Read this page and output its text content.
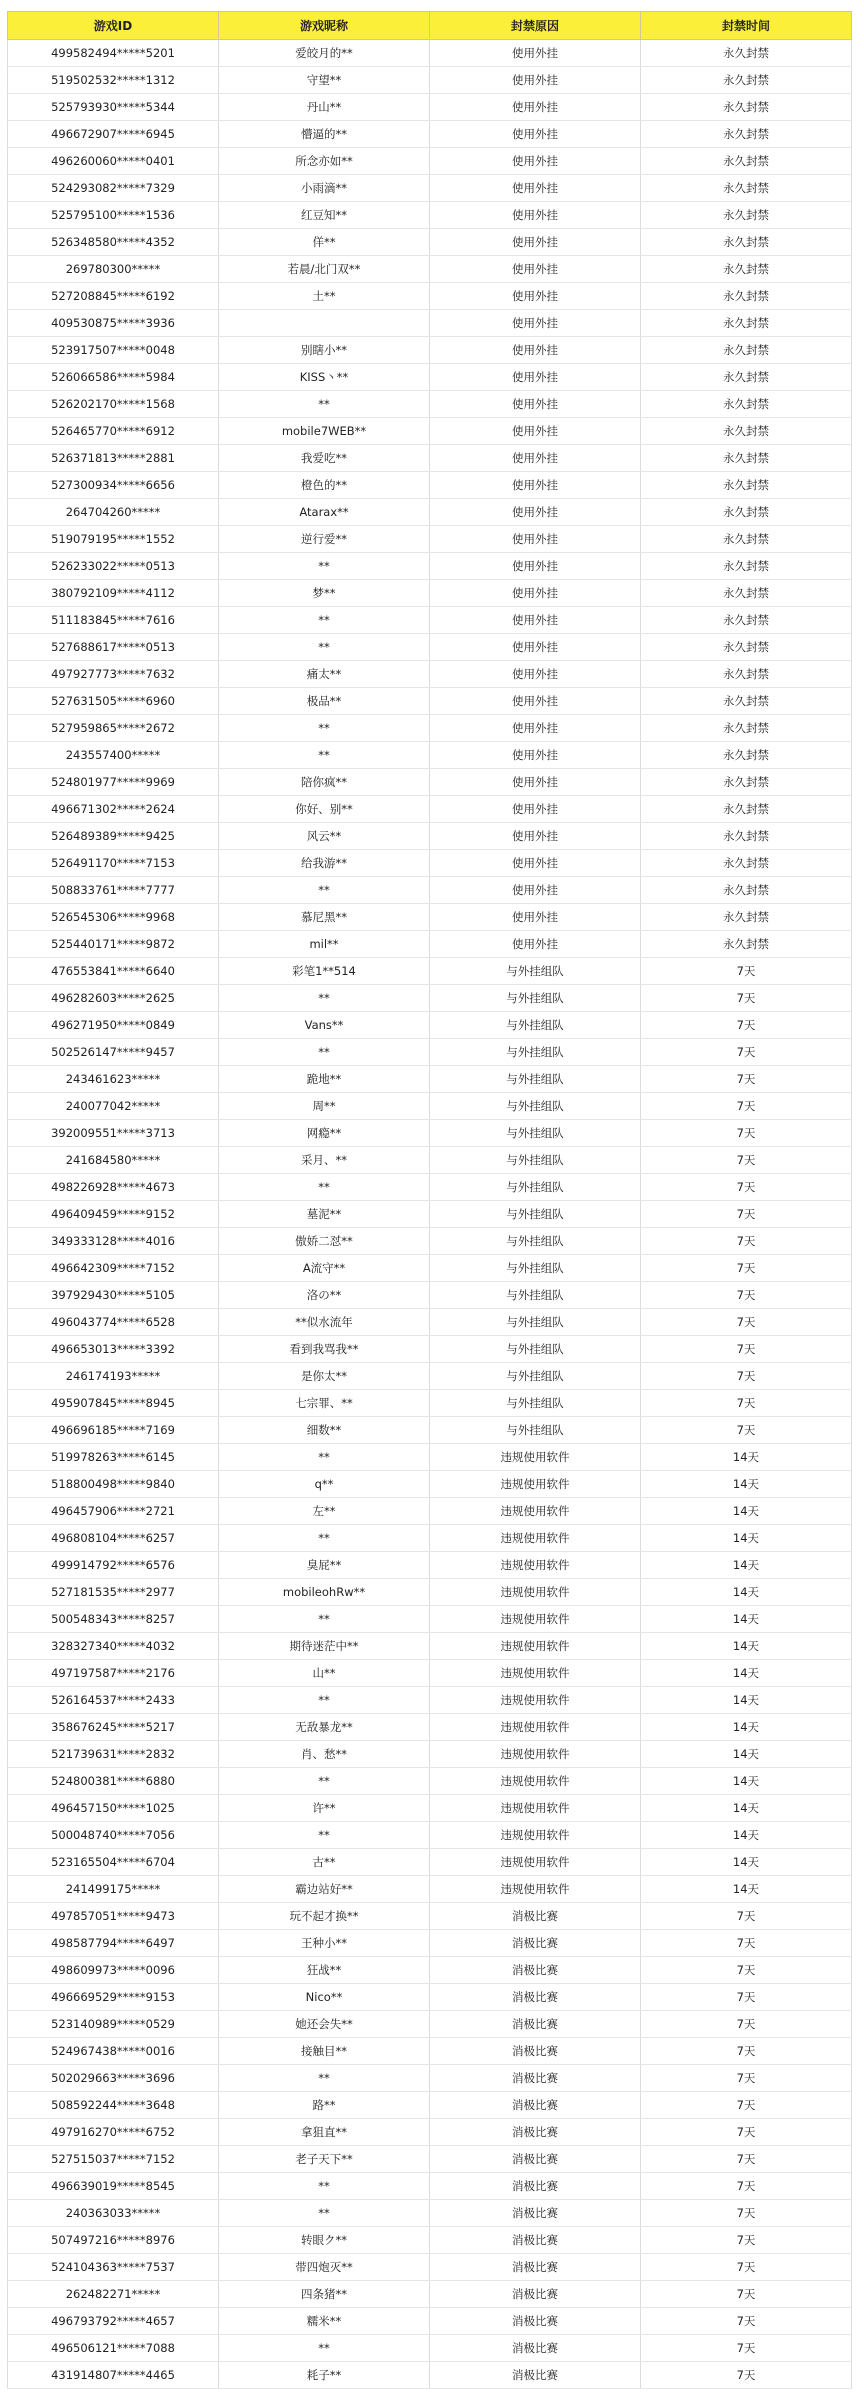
游戏ID	游戏昵称	封禁原因	封禁时间
499582494*****5201	爱皎月的**	使用外挂	永久封禁
519502532*****1312	守望**	使用外挂	永久封禁
525793930*****5344	丹山**	使用外挂	永久封禁
496672907*****6945	懵逼的**	使用外挂	永久封禁
496260060*****0401	所念亦如**	使用外挂	永久封禁
524293082*****7329	小雨滴**	使用外挂	永久封禁
525795100*****1536	红豆知**	使用外挂	永久封禁
526348580*****4352	佯**	使用外挂	永久封禁
269780300*****	若晨/北门双**	使用外挂	永久封禁
527208845*****6192	土**	使用外挂	永久封禁
409530875*****3936		使用外挂	永久封禁
523917507*****0048	别瞎小**	使用外挂	永久封禁
526066586*****5984	KISS丶**	使用外挂	永久封禁
526202170*****1568	**	使用外挂	永久封禁
526465770*****6912	mobile7WEB**	使用外挂	永久封禁
526371813*****2881	我爱吃**	使用外挂	永久封禁
527300934*****6656	橙色的**	使用外挂	永久封禁
264704260*****	Atarax**	使用外挂	永久封禁
519079195*****1552	逆行爱**	使用外挂	永久封禁
526233022*****0513	**	使用外挂	永久封禁
380792109*****4112	梦**	使用外挂	永久封禁
511183845*****7616	**	使用外挂	永久封禁
527688617*****0513	**	使用外挂	永久封禁
497927773*****7632	痛太**	使用外挂	永久封禁
527631505*****6960	极品**	使用外挂	永久封禁
527959865*****2672	**	使用外挂	永久封禁
243557400*****	**	使用外挂	永久封禁
524801977*****9969	陪你疯**	使用外挂	永久封禁
496671302*****2624	你好、别**	使用外挂	永久封禁
526489389*****9425	风云**	使用外挂	永久封禁
526491170*****7153	给我游**	使用外挂	永久封禁
508833761*****7777	**	使用外挂	永久封禁
526545306*****9968	慕尼黑**	使用外挂	永久封禁
525440171*****9872	mil**	使用外挂	永久封禁
476553841*****6640	彩笔1**514	与外挂组队	7天
496282603*****2625	**	与外挂组队	7天
496271950*****0849	Vans**	与外挂组队	7天
502526147*****9457	**	与外挂组队	7天
243461623*****	跪地**	与外挂组队	7天
240077042*****	周**	与外挂组队	7天
392009551*****3713	网瘾**	与外挂组队	7天
241684580*****	采月、**	与外挂组队	7天
498226928*****4673	**	与外挂组队	7天
496409459*****9152	墓泥**	与外挂组队	7天
349333128*****4016	傲娇二怼**	与外挂组队	7天
496642309*****7152	A流守**	与外挂组队	7天
397929430*****5105	洛の**	与外挂组队	7天
496043774*****6528	**似水流年	与外挂组队	7天
496653013*****3392	看到我骂我**	与外挂组队	7天
246174193*****	是你太**	与外挂组队	7天
495907845*****8945	七宗罪、**	与外挂组队	7天
496696185*****7169	细数**	与外挂组队	7天
519978263*****6145	**	违规使用软件	14天
518800498*****9840	q**	违规使用软件	14天
496457906*****2721	左**	违规使用软件	14天
496808104*****6257	**	违规使用软件	14天
499914792*****6576	臭屁**	违规使用软件	14天
527181535*****2977	mobileohRw**	违规使用软件	14天
500548343*****8257	**	违规使用软件	14天
328327340*****4032	期待迷茫中**	违规使用软件	14天
497197587*****2176	山**	违规使用软件	14天
526164537*****2433	**	违规使用软件	14天
358676245*****5217	无敌暴龙**	违规使用软件	14天
521739631*****2832	肖、愁**	违规使用软件	14天
524800381*****6880	**	违规使用软件	14天
496457150*****1025	许**	违规使用软件	14天
500048740*****7056	**	违规使用软件	14天
523165504*****6704	古**	违规使用软件	14天
241499175*****	霸边站好**	违规使用软件	14天
497857051*****9473	玩不起才换**	消极比赛	7天
498587794*****6497	王种小**	消极比赛	7天
498609973*****0096	狂战**	消极比赛	7天
496669529*****9153	Nico**	消极比赛	7天
523140989*****0529	她还会失**	消极比赛	7天
524967438*****0016	接触目**	消极比赛	7天
502029663*****3696	**	消极比赛	7天
508592244*****3648	路**	消极比赛	7天
497916270*****6752	拿狙直**	消极比赛	7天
527515037*****7152	老子天下**	消极比赛	7天
496639019*****8545	**	消极比赛	7天
240363033*****	**	消极比赛	7天
507497216*****8976	转眼ク**	消极比赛	7天
524104363*****7537	带四炮灭**	消极比赛	7天
262482271*****	四条猪**	消极比赛	7天
496793792*****4657	糯米**	消极比赛	7天
496506121*****7088	**	消极比赛	7天
431914807*****4465	耗子**	消极比赛	7天
